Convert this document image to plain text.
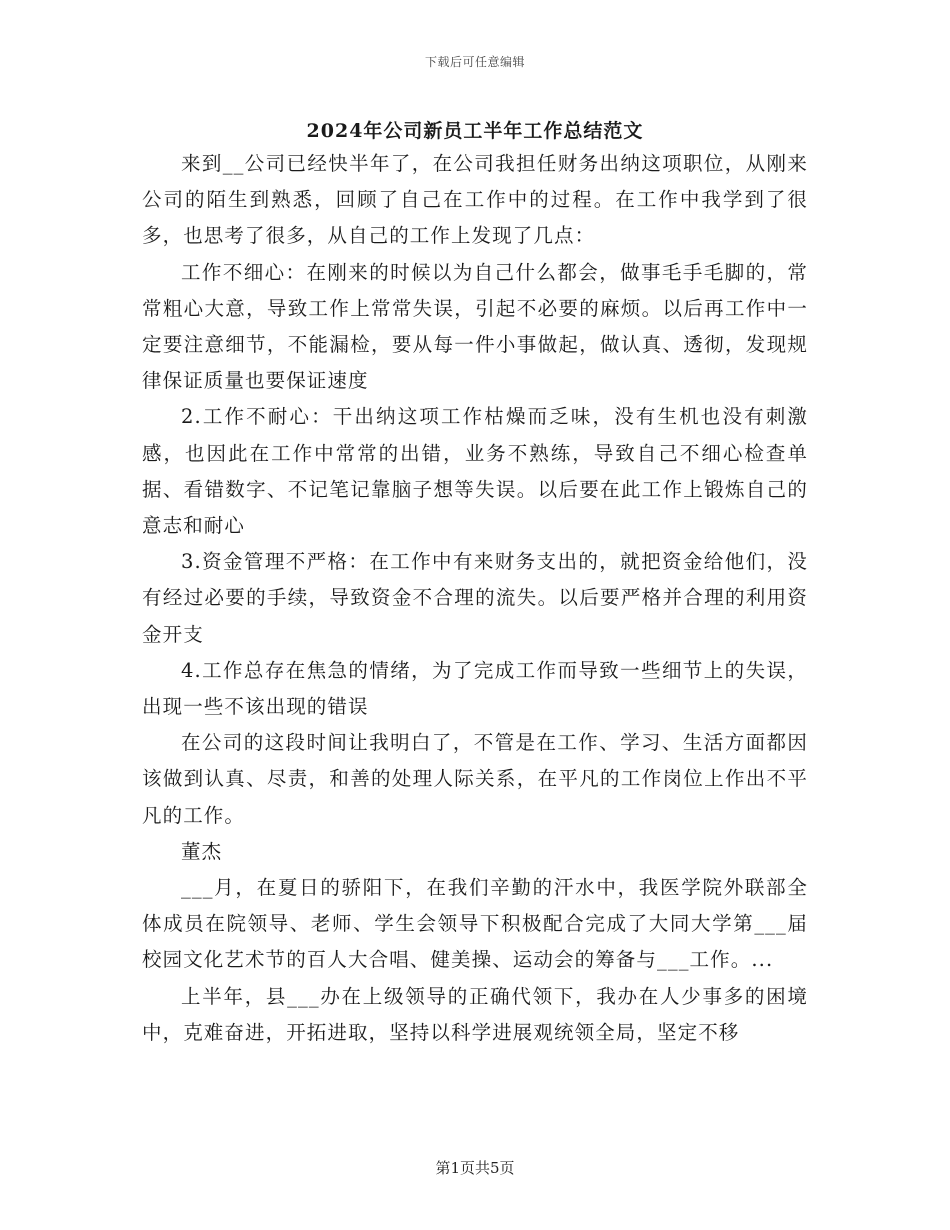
下载后可任意编辑
2024年公司新员工半年工作总结范文

来到__公司已经快半年了，在公司我担任财务出纳这项职位，从刚来公司的陌生到熟悉，回顾了自己在工作中的过程。在工作中我学到了很多，也思考了很多，从自己的工作上发现了几点：

工作不细心：在刚来的时候以为自己什么都会，做事毛手毛脚的，常常粗心大意，导致工作上常常失误，引起不必要的麻烦。以后再工作中一定要注意细节，不能漏检，要从每一件小事做起，做认真、透彻，发现规律保证质量也要保证速度

2.工作不耐心：干出纳这项工作枯燥而乏味，没有生机也没有刺激感，也因此在工作中常常的出错，业务不熟练，导致自己不细心检查单据、看错数字、不记笔记靠脑子想等失误。以后要在此工作上锻炼自己的意志和耐心

3.资金管理不严格：在工作中有来财务支出的，就把资金给他们，没有经过必要的手续，导致资金不合理的流失。以后要严格并合理的利用资金开支

4.工作总存在焦急的情绪，为了完成工作而导致一些细节上的失误，出现一些不该出现的错误

在公司的这段时间让我明白了，不管是在工作、学习、生活方面都因该做到认真、尽责，和善的处理人际关系，在平凡的工作岗位上作出不平凡的工作。

董杰

___月，在夏日的骄阳下，在我们辛勤的汗水中，我医学院外联部全体成员在院领导、老师、学生会领导下积极配合完成了大同大学第___届校园文化艺术节的百人大合唱、健美操、运动会的筹备与___工作。...

上半年，县___办在上级领导的正确代领下，我办在人少事多的困境中，克难奋进，开拓进取，坚持以科学进展观统领全局，坚定不移

第1页共5页
